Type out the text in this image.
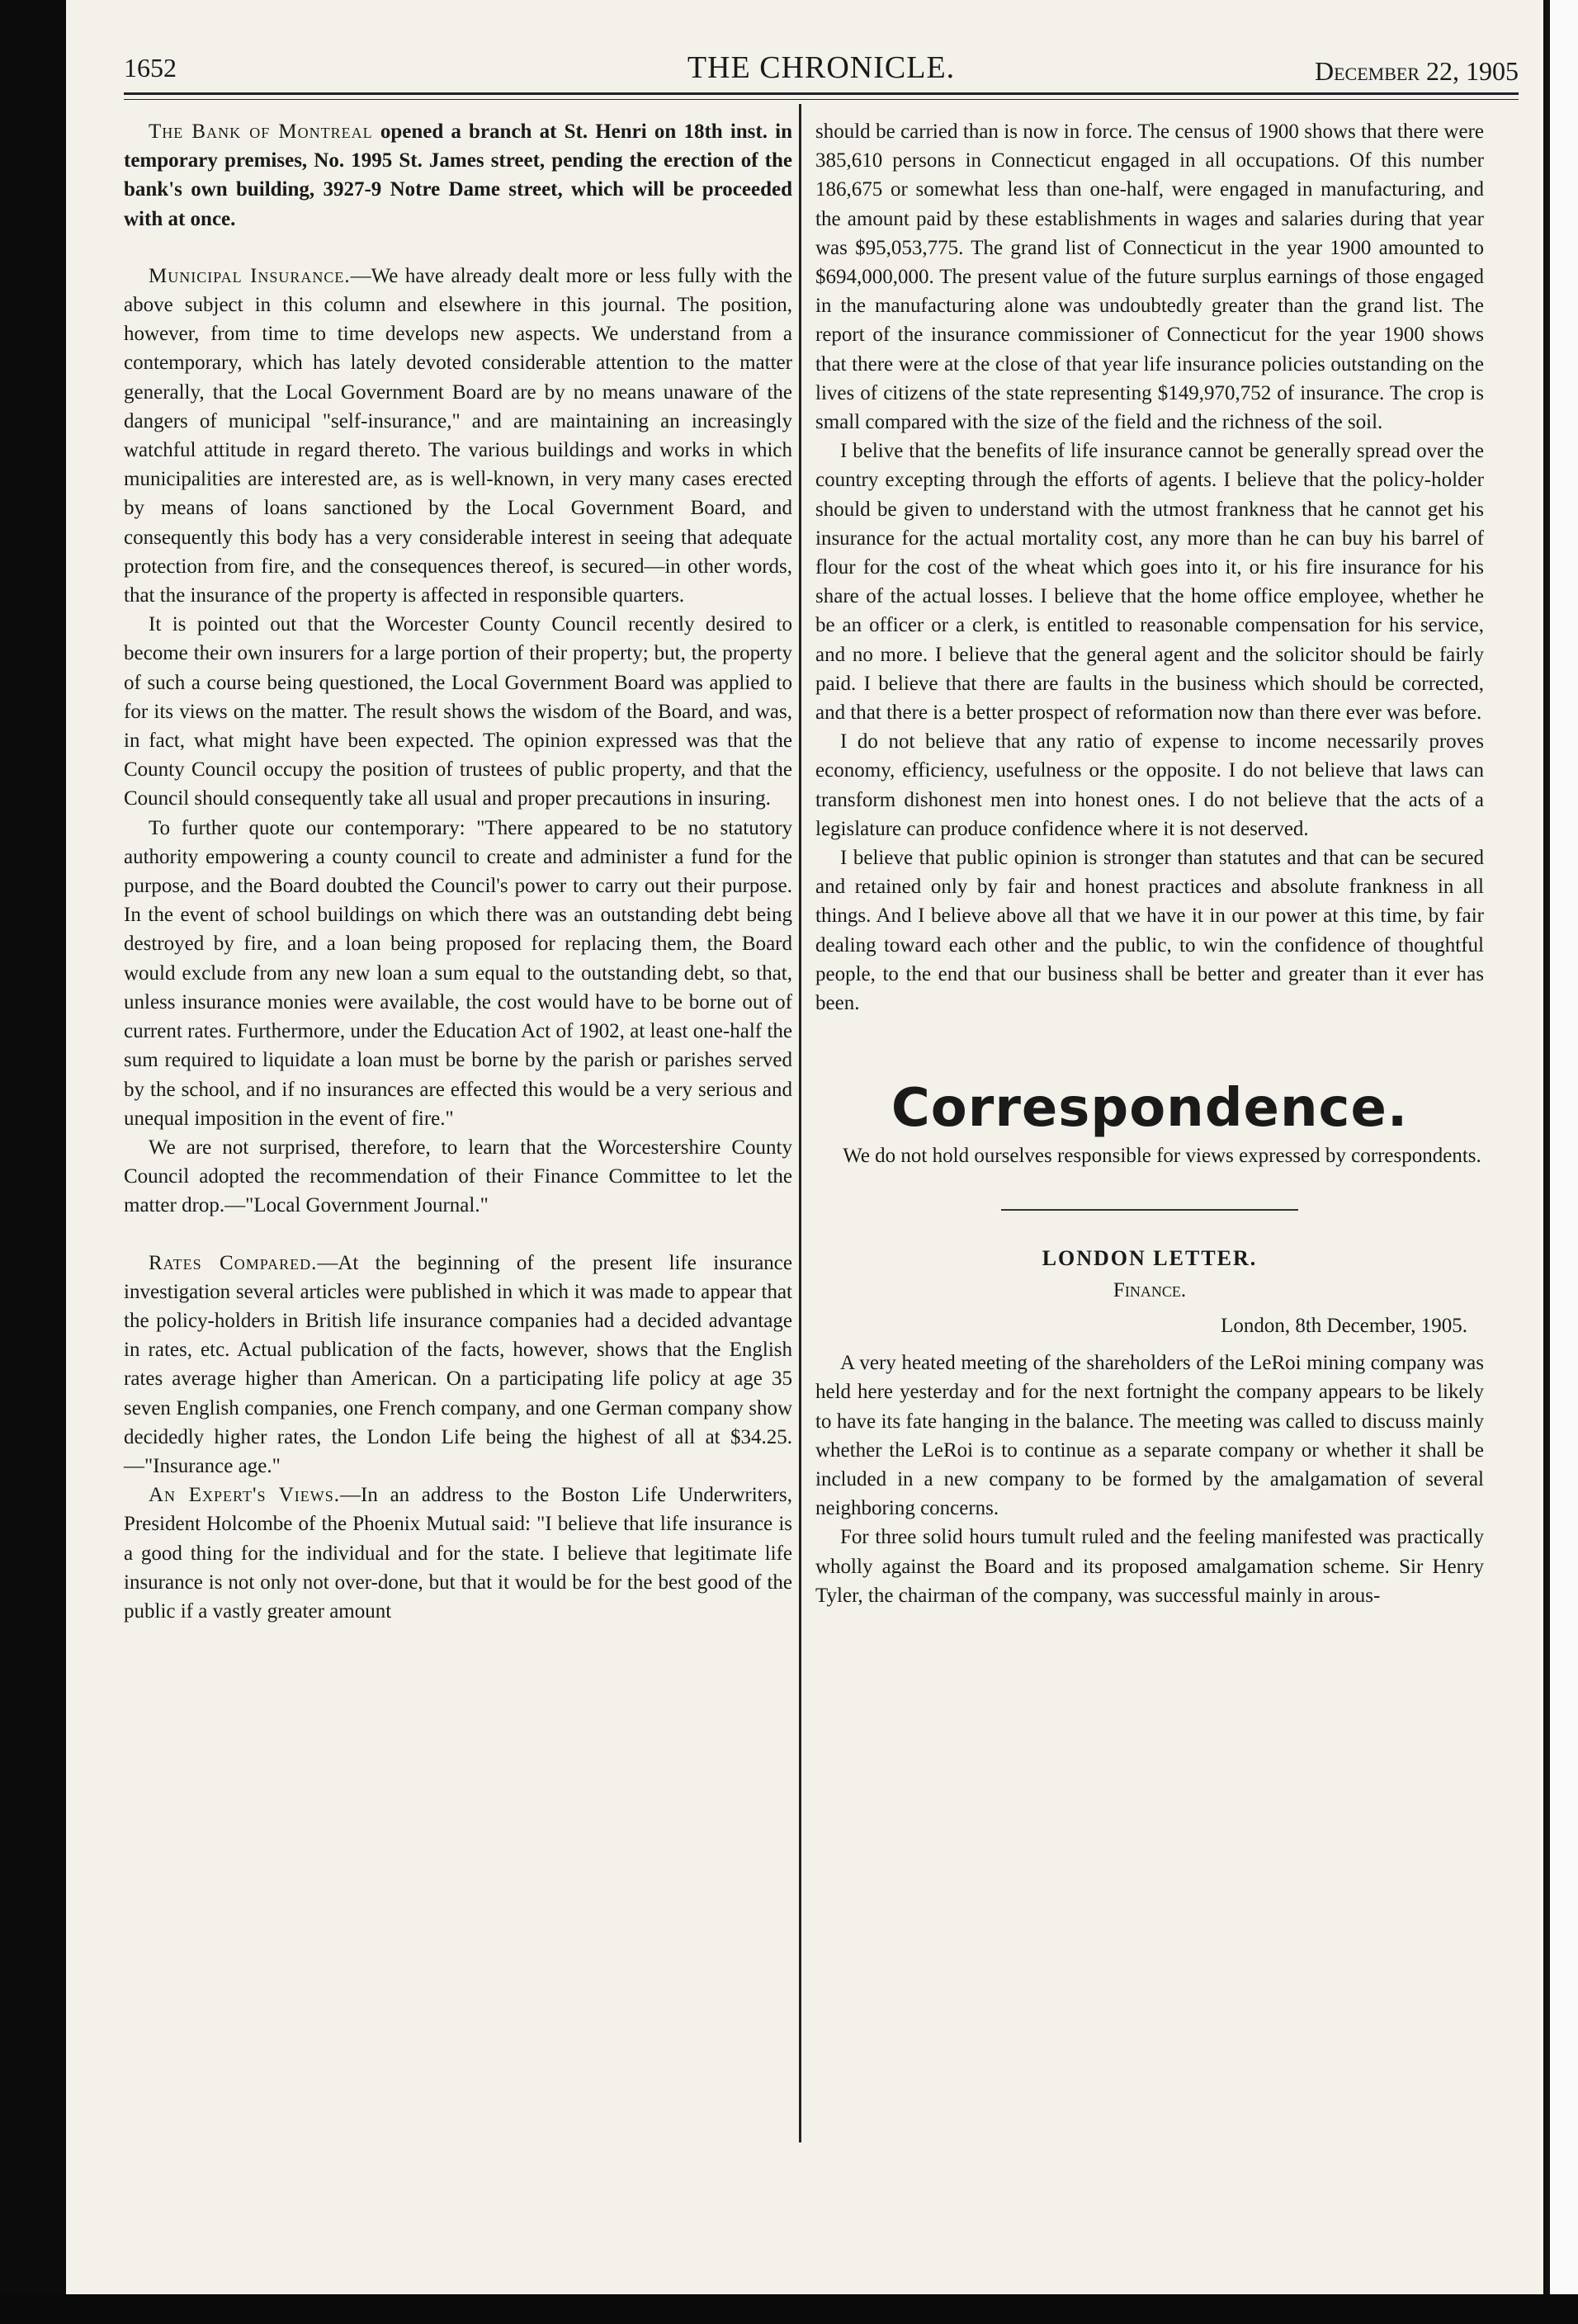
1652	THE CHRONICLE.	December 22, 1905

The Bank of Montreal opened a branch at St. Henri on 18th inst. in temporary premises, No. 1995 St. James street, pending the erection of the bank's own building, 3927-9 Notre Dame street, which will be proceeded with at once.

Municipal Insurance.—We have already dealt more or less fully with the above subject in this column and elsewhere in this journal. The position, however, from time to time develops new aspects. We understand from a contemporary, which has lately devoted considerable attention to the matter generally, that the Local Government Board are by no means unaware of the dangers of municipal "self-insurance," and are maintaining an increasingly watchful attitude in regard thereto. The various buildings and works in which municipalities are interested are, as is well-known, in very many cases erected by means of loans sanctioned by the Local Government Board, and consequently this body has a very considerable interest in seeing that adequate protection from fire, and the consequences thereof, is secured—in other words, that the insurance of the property is affected in responsible quarters.

It is pointed out that the Worcester County Council recently desired to become their own insurers for a large portion of their property; but, the property of such a course being questioned, the Local Government Board was applied to for its views on the matter. The result shows the wisdom of the Board, and was, in fact, what might have been expected. The opinion expressed was that the County Council occupy the position of trustees of public property, and that the Council should consequently take all usual and proper precautions in insuring.

To further quote our contemporary: "There appeared to be no statutory authority empowering a county council to create and administer a fund for the purpose, and the Board doubted the Council's power to carry out their purpose. In the event of school buildings on which there was an outstanding debt being destroyed by fire, and a loan being proposed for replacing them, the Board would exclude from any new loan a sum equal to the outstanding debt, so that, unless insurance monies were available, the cost would have to be borne out of current rates. Furthermore, under the Education Act of 1902, at least one-half the sum required to liquidate a loan must be borne by the parish or parishes served by the school, and if no insurances are effected this would be a very serious and unequal imposition in the event of fire."

We are not surprised, therefore, to learn that the Worcestershire County Council adopted the recommendation of their Finance Committee to let the matter drop.—"Local Government Journal."

Rates Compared.—At the beginning of the present life insurance investigation several articles were published in which it was made to appear that the policy-holders in British life insurance companies had a decided advantage in rates, etc. Actual publication of the facts, however, shows that the English rates average higher than American. On a participating life policy at age 35 seven English companies, one French company, and one German company show decidedly higher rates, the London Life being the highest of all at $34.25.—"Insurance age."

An Expert's Views.—In an address to the Boston Life Underwriters, President Holcombe of the Phoenix Mutual said: "I believe that life insurance is a good thing for the individual and for the state. I believe that legitimate life insurance is not only not over-done, but that it would be for the best good of the public if a vastly greater amount

should be carried than is now in force. The census of 1900 shows that there were 385,610 persons in Connecticut engaged in all occupations. Of this number 186,675 or somewhat less than one-half, were engaged in manufacturing, and the amount paid by these establishments in wages and salaries during that year was $95,053,775. The grand list of Connecticut in the year 1900 amounted to $694,000,000. The present value of the future surplus earnings of those engaged in the manufacturing alone was undoubtedly greater than the grand list. The report of the insurance commissioner of Connecticut for the year 1900 shows that there were at the close of that year life insurance policies outstanding on the lives of citizens of the state representing $149,970,752 of insurance. The crop is small compared with the size of the field and the richness of the soil.

I belive that the benefits of life insurance cannot be generally spread over the country excepting through the efforts of agents. I believe that the policy-holder should be given to understand with the utmost frankness that he cannot get his insurance for the actual mortality cost, any more than he can buy his barrel of flour for the cost of the wheat which goes into it, or his fire insurance for his share of the actual losses. I believe that the home office employee, whether he be an officer or a clerk, is entitled to reasonable compensation for his service, and no more. I believe that the general agent and the solicitor should be fairly paid. I believe that there are faults in the business which should be corrected, and that there is a better prospect of reformation now than there ever was before.

I do not believe that any ratio of expense to income necessarily proves economy, efficiency, usefulness or the opposite. I do not believe that laws can transform dishonest men into honest ones. I do not believe that the acts of a legislature can produce confidence where it is not deserved.

I believe that public opinion is stronger than statutes and that can be secured and retained only by fair and honest practices and absolute frankness in all things. And I believe above all that we have it in our power at this time, by fair dealing toward each other and the public, to win the confidence of thoughtful people, to the end that our business shall be better and greater than it ever has been.

Correspondence.

We do not hold ourselves responsible for views expressed by correspondents.

LONDON LETTER.
Finance.
London, 8th December, 1905.

A very heated meeting of the shareholders of the LeRoi mining company was held here yesterday and for the next fortnight the company appears to be likely to have its fate hanging in the balance. The meeting was called to discuss mainly whether the LeRoi is to continue as a separate company or whether it shall be included in a new company to be formed by the amalgamation of several neighboring concerns.

For three solid hours tumult ruled and the feeling manifested was practically wholly against the Board and its proposed amalgamation scheme. Sir Henry Tyler, the chairman of the company, was successful mainly in arous-
